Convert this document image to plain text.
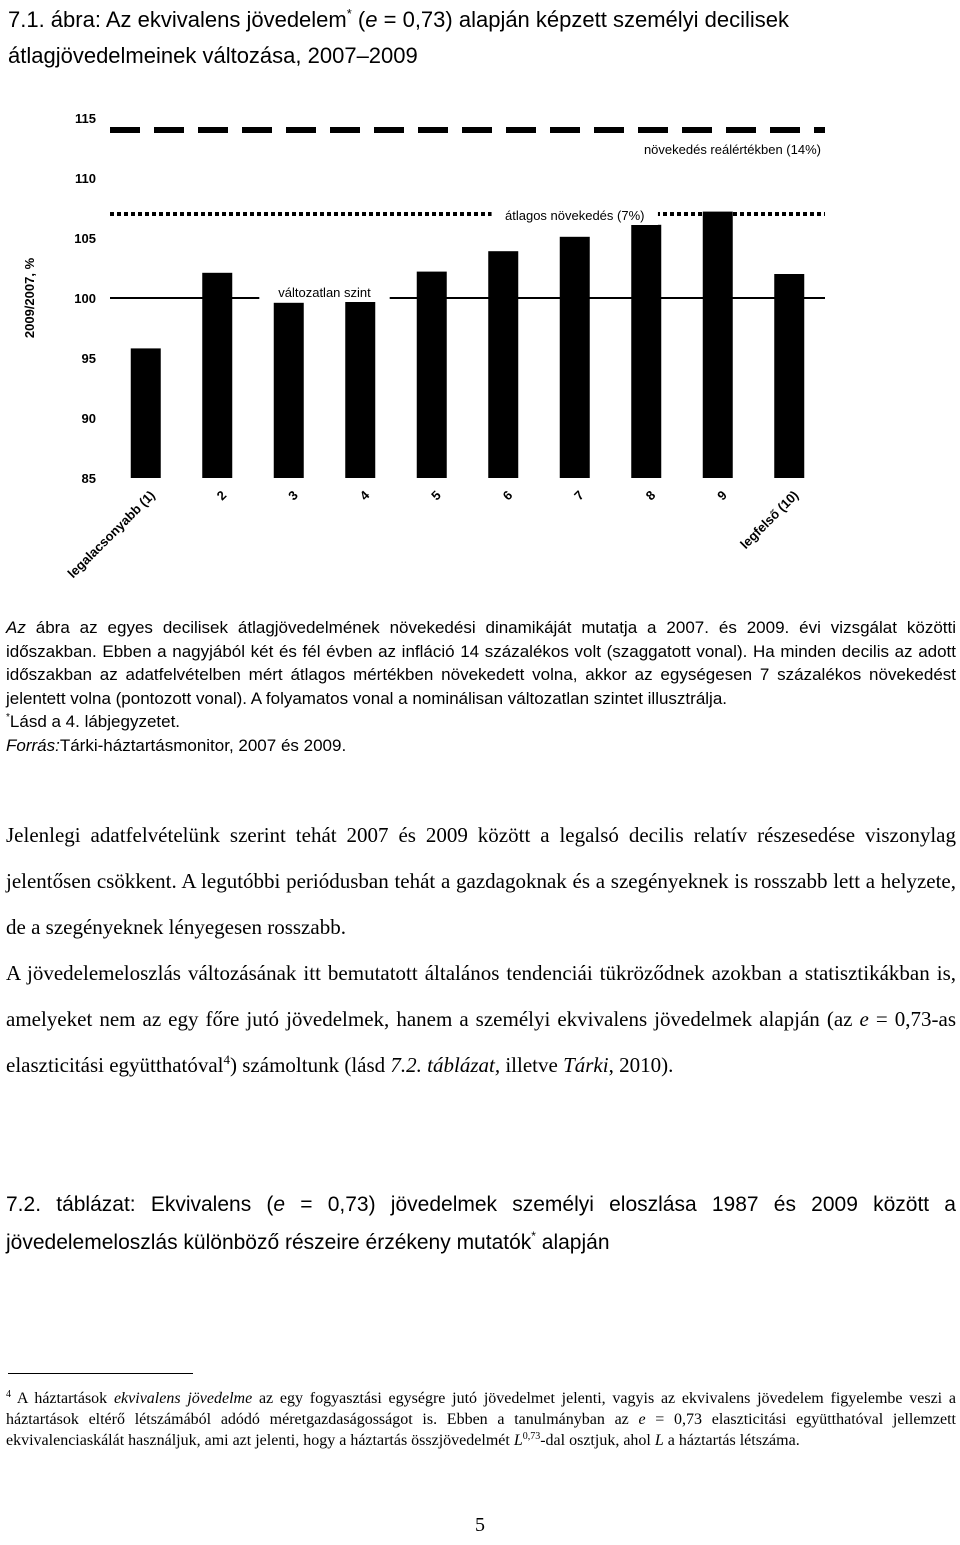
7.1. ábra: Az ekvivalens jövedelem* (e = 0,73) alapján képzett személyi decilisek átlagjövedelmeinek változása, 2007–2009
115
110
105
100
95
90
85
2009/2007, %
növekedés reálértékben (14%)
átlagos növekedés (7%)
változatlan szint
legalacsonyabb (1)	2	3	4	5	6	7	8	9 legfelső (10)

Az ábra az egyes decilisek átlagjövedelmének növekedési dinamikáját mutatja a 2007. és 2009. évi vizsgálat közötti időszakban. Ebben a nagyjából két és fél évben az infláció 14 százalékos volt (szaggatott vonal). Ha minden decilis az adott időszakban az adatfelvételben mért átlagos mértékben növekedett volna, akkor az egységesen 7 százalékos növekedést jelentett volna (pontozott vonal). A folyamatos vonal a nominálisan változatlan szintet illusztrálja.

*Lásd a 4. lábjegyzetet.

Forrás:Tárki-háztartásmonitor, 2007 és 2009.

Jelenlegi adatfelvételünk szerint tehát 2007 és 2009 között a legalsó decilis relatív részesedése viszonylag jelentősen csökkent. A legutóbbi periódusban tehát a gazdagoknak és a szegényeknek is rosszabb lett a helyzete, de a szegényeknek lényegesen rosszabb.

A jövedelemeloszlás változásának itt bemutatott általános tendenciái tükröződnek azokban a statisztikákban is, amelyeket nem az egy főre jutó jövedelmek, hanem a személyi ekvivalens jövedelmek alapján (az e = 0,73-as elaszticitási együtthatóval$^4$) számoltunk (lásd 7.2. táblázat, illetve Tárki, 2010).

7.2. táblázat: Ekvivalens (e = 0,73) jövedelmek személyi eloszlása 1987 és 2009 között a jövedelemeloszlás különböző részeire érzékeny mutatók* alapján
$^4$ A háztartások ekvivalens jövedelme az egy fogyasztási egységre jutó jövedelmet jelenti, vagyis az ekvivalens jövedelem figyelembe veszi a háztartások eltérő létszámából adódó méretgazdaságosságot is. Ebben a tanulmányban az e = 0,73 elaszticitási együtthatóval jellemzett ekvivalenciaskálát használjuk, ami azt jelenti, hogy a háztartás összjövedelmét L$^{0,73}$-dal osztjuk, ahol L a háztartás létszáma.
5
